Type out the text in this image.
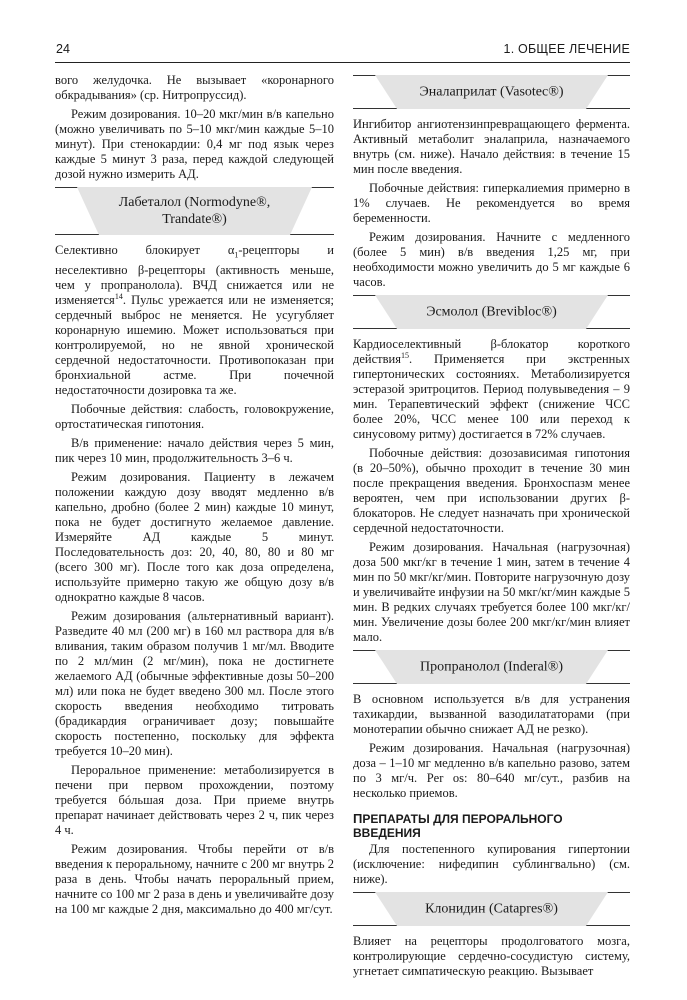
24	1. ОБЩЕЕ ЛЕЧЕНИЕ

вого желудочка. Не вызывает «коронарного обкрадывания» (ср. Нитропруссид).

Режим дозирования. 10–20 мкг/мин в/в капельно (можно увеличивать по 5–10 мкг/мин каждые 5–10 минут). При стенокардии: 0,4 мг под язык через каждые 5 минут 3 раза, перед каждой следующей дозой нужно измерить АД.

Лабеталол (Normodyne®,
Trandate®)

Селективно блокирует $\alpha_1$-рецепторы и неселективно β-рецепторы (активность меньше, чем у пропранолола). ВЧД снижается или не изменяется$^{14}$. Пульс урежается или не изменяется; сердечный выброс не меняется. Не усугубляет коронарную ишемию. Может использоваться при контролируемой, но не явной хронической сердечной недостаточности. Противопоказан при бронхиальной астме. При почечной недостаточности дозировка та же.

Побочные действия: слабость, головокружение, ортостатическая гипотония.

В/в применение: начало действия через 5 мин, пик через 10 мин, продолжительность 3–6 ч.

Режим дозирования. Пациенту в лежачем положении каждую дозу вводят медленно в/в капельно, дробно (более 2 мин) каждые 10 минут, пока не будет достигнуто желаемое давление. Измеряйте АД каждые 5 минут. Последовательность доз: 20, 40, 80, 80 и 80 мг (всего 300 мг). После того как доза определена, используйте примерно такую же общую дозу в/в однократно каждые 8 часов.

Режим дозирования (альтернативный вариант). Разведите 40 мл (200 мг) в 160 мл раствора для в/в вливания, таким образом получив 1 мг/мл. Вводите по 2 мл/мин (2 мг/мин), пока не достигнете желаемого АД (обычные эффективные дозы 50–200 мл) или пока не будет введено 300 мл. После этого скорость введения необходимо титровать (брадикардия ограничивает дозу; повышайте скорость постепенно, поскольку для эффекта требуется 10–20 мин).

Пероральное применение: метаболизируется в печени при первом прохождении, поэтому требуется бóльшая доза. При приеме внутрь препарат начинает действовать через 2 ч, пик через 4 ч.

Режим дозирования. Чтобы перейти от в/в введения к пероральному, начните с 200 мг внутрь 2 раза в день. Чтобы начать пероральный прием, начните со 100 мг 2 раза в день и увеличивайте дозу на 100 мг каждые 2 дня, максимально до 400 мг/сут.

Эналаприлат (Vasotec®)

Ингибитор ангиотензинпревращающего фермента. Активный метаболит эналаприла, назначаемого внутрь (см. ниже). Начало действия: в течение 15 мин после введения.

Побочные действия: гиперкалиемия примерно в 1% случаев. Не рекомендуется во время беременности.

Режим дозирования. Начните с медленного (более 5 мин) в/в введения 1,25 мг, при необходимости можно увеличить до 5 мг каждые 6 часов.

Эсмолол (Brevibloc®)

Кардиоселективный β-блокатор короткого действия$^{15}$. Применяется при экстренных гипертонических состояниях. Метаболизируется эстеразой эритроцитов. Период полувыведения – 9 мин. Терапевтический эффект (снижение ЧСС более 20%, ЧСС менее 100 или переход к синусовому ритму) достигается в 72% случаев.

Побочные действия: дозозависимая гипотония (в 20–50%), обычно проходит в течение 30 мин после прекращения введения. Бронхоспазм менее вероятен, чем при использовании других β-блокаторов. Не следует назначать при хронической сердечной недостаточности.

Режим дозирования. Начальная (нагрузочная) доза 500 мкг/кг в течение 1 мин, затем в течение 4 мин по 50 мкг/кг/мин. Повторите нагрузочную дозу и увеличивайте инфузии на 50 мкг/кг/мин каждые 5 мин. В редких случаях требуется более 100 мкг/кг/мин. Увеличение дозы более 200 мкг/кг/мин влияет мало.

Пропранолол (Inderal®)

В основном используется в/в для устранения тахикардии, вызванной вазодилататорами (при монотерапии обычно снижает АД не резко).

Режим дозирования. Начальная (нагрузочная) доза – 1–10 мг медленно в/в капельно разово, затем по 3 мг/ч. Per os: 80–640 мг/сут., разбив на несколько приемов.

ПРЕПАРАТЫ ДЛЯ ПЕРОРАЛЬНОГО ВВЕДЕНИЯ

Для постепенного купирования гипертонии (исключение: нифедипин сублингвально) (см. ниже).

Клонидин (Catapres®)

Влияет на рецепторы продолговатого мозга, контролирующие сердечно-сосудистую систему, угнетает симпатическую реакцию. Вызывает
